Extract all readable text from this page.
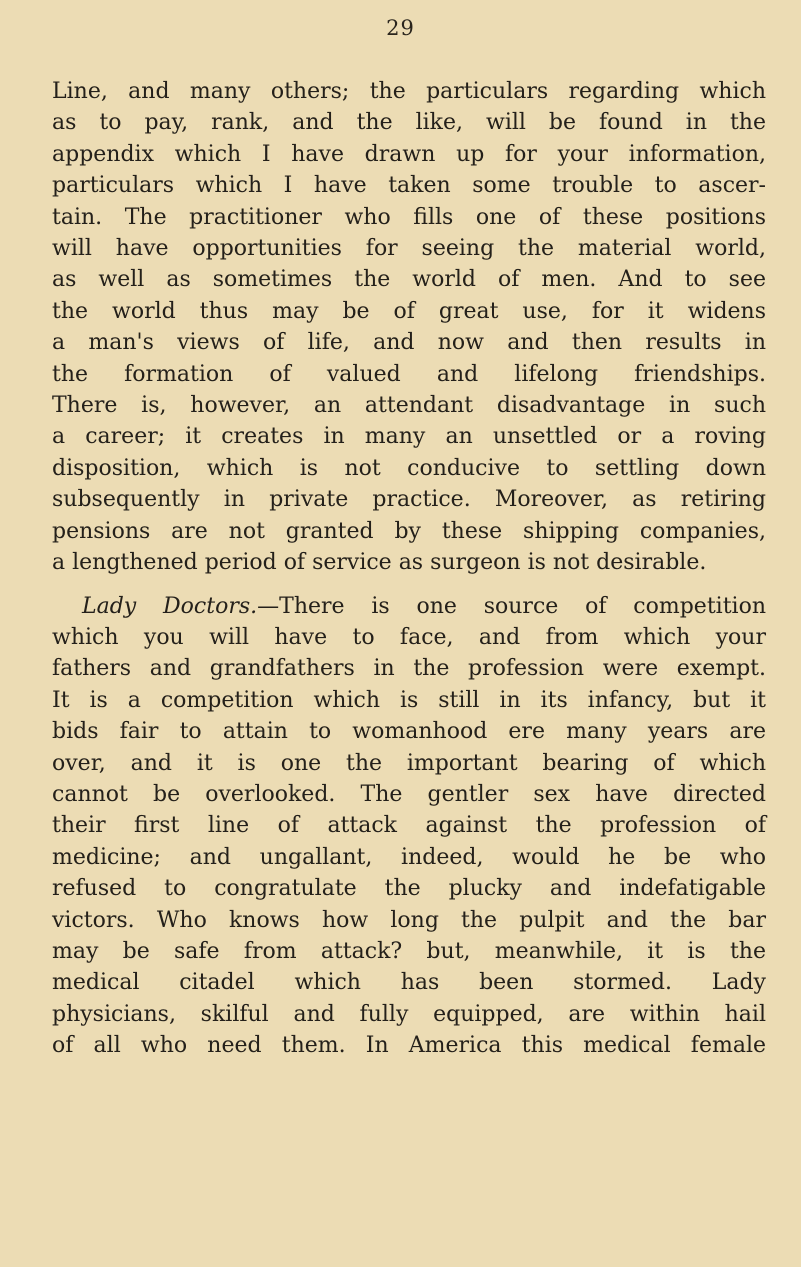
29
Line, and many others; the particulars regarding which
as to pay, rank, and the like, will be found in the
appendix which I have drawn up for your information,
particulars which I have taken some trouble to ascer-
tain. The practitioner who fills one of these positions
will have opportunities for seeing the material world,
as well as sometimes the world of men. And to see
the world thus may be of great use, for it widens
a man's views of life, and now and then results in
the formation of valued and lifelong friendships.
There is, however, an attendant disadvantage in such
a career; it creates in many an unsettled or a roving
disposition, which is not conducive to settling down
subsequently in private practice. Moreover, as retiring
pensions are not granted by these shipping companies,
a lengthened period of service as surgeon is not desirable.
Lady Doctors.—There is one source of competition
which you will have to face, and from which your
fathers and grandfathers in the profession were exempt.
It is a competition which is still in its infancy, but it
bids fair to attain to womanhood ere many years are
over, and it is one the important bearing of which
cannot be overlooked. The gentler sex have directed
their first line of attack against the profession of
medicine; and ungallant, indeed, would he be who
refused to congratulate the plucky and indefatigable
victors. Who knows how long the pulpit and the bar
may be safe from attack? but, meanwhile, it is the
medical citadel which has been stormed. Lady
physicians, skilful and fully equipped, are within hail
of all who need them. In America this medical female
